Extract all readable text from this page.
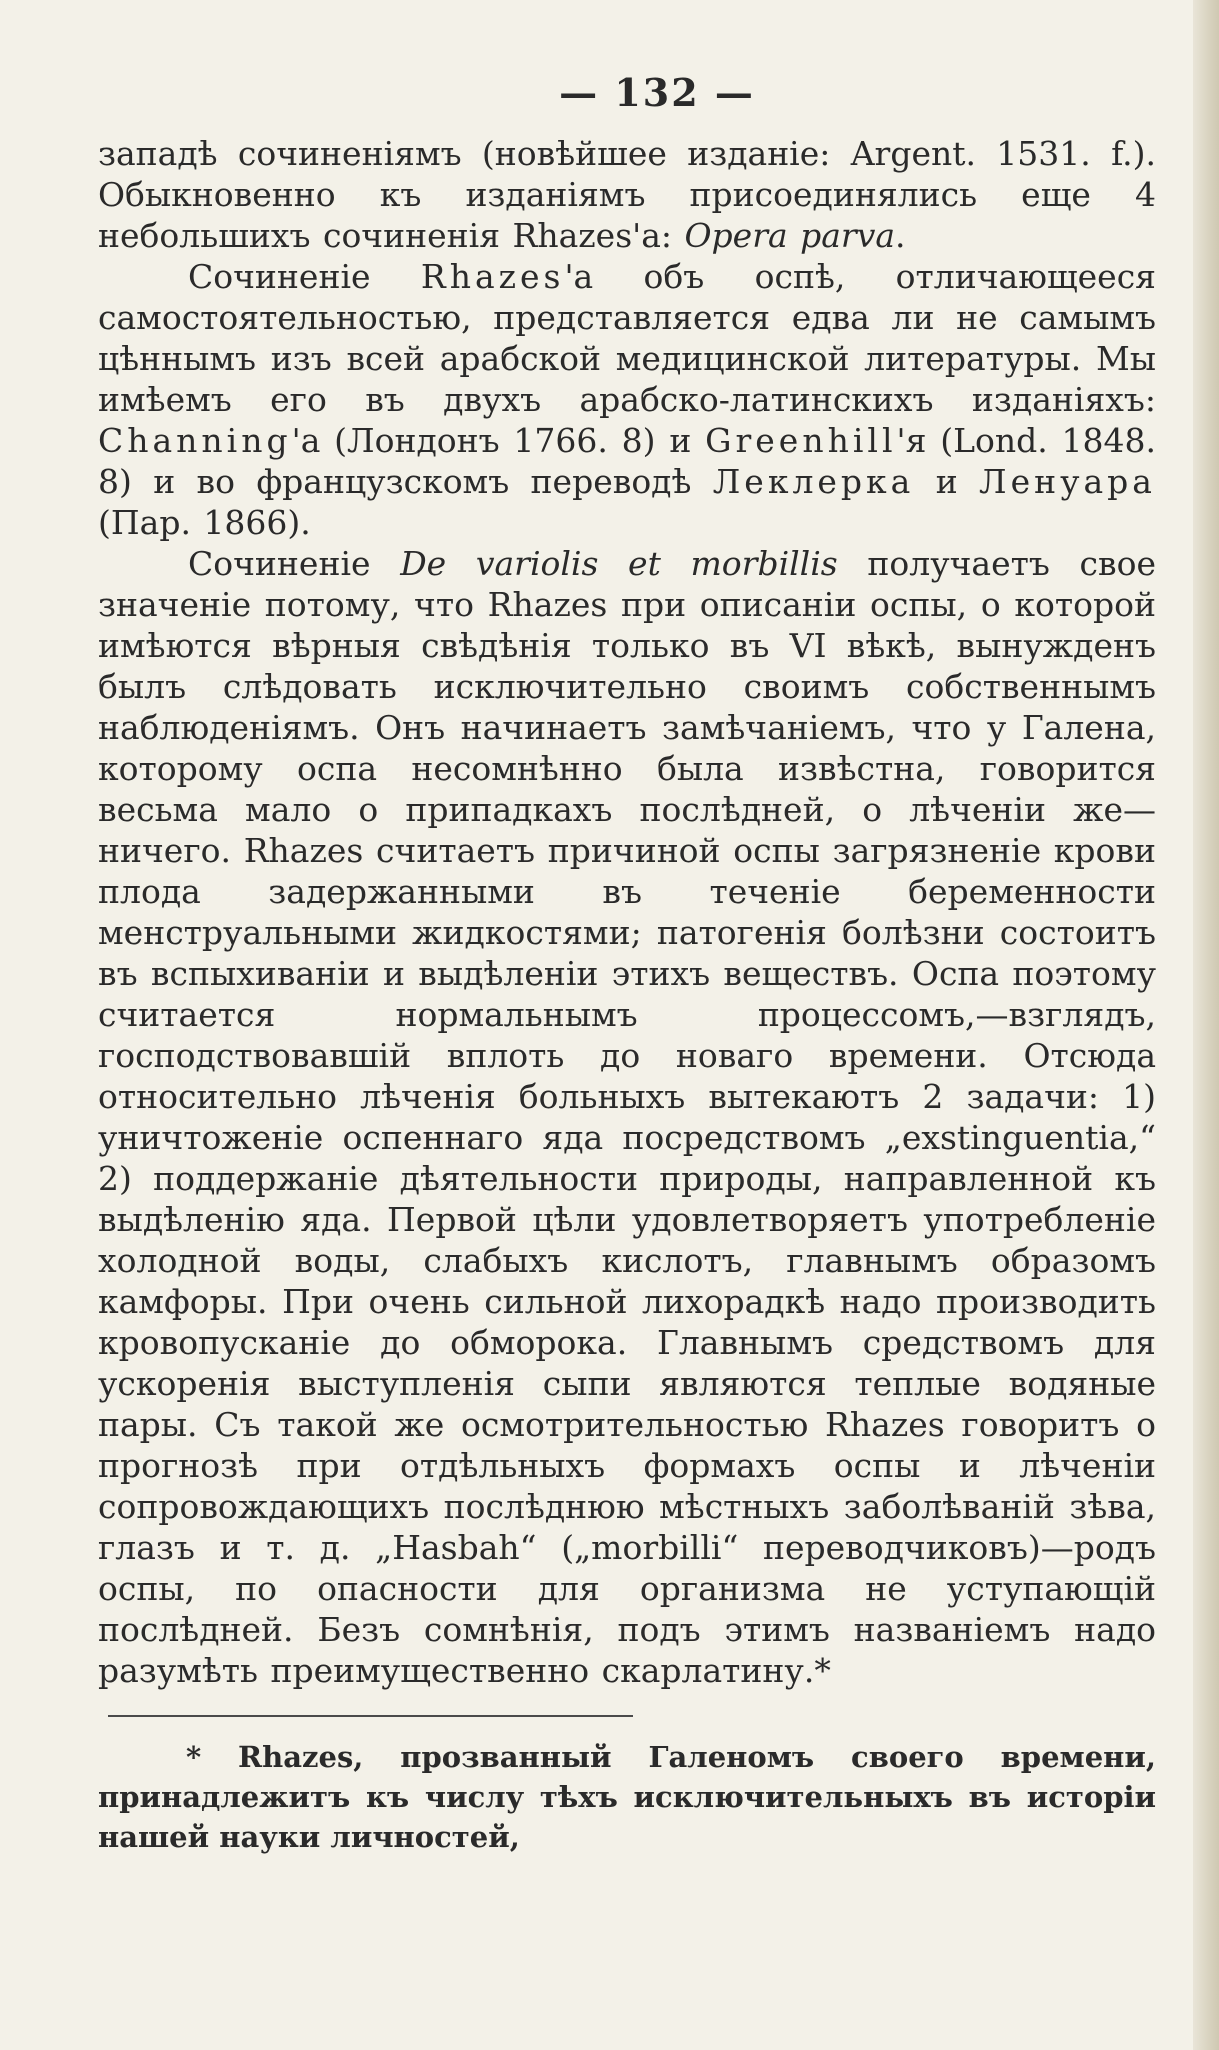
— 132 —

западѣ сочиненіямъ (новѣйшее изданіе: Argent. 1531. f.). Обыкновенно къ изданіямъ присоединялись еще 4 небольшихъ сочиненія Rhazes'а: Opera parva.

Сочиненіе Rhazes'а объ оспѣ, отличающееся самостоятельностью, представляется едва ли не самымъ цѣннымъ изъ всей арабской медицинской литературы. Мы имѣемъ его въ двухъ арабско-латинскихъ изданіяхъ: Channing'а (Лондонъ 1766. 8) и Greenhill'я (Lond. 1848. 8) и во французскомъ переводѣ Леклерка и Ленуара (Пар. 1866).

Сочиненіе De variolis et morbillis получаетъ свое значеніе потому, что Rhazes при описаніи оспы, о которой имѣются вѣрныя свѣдѣнія только въ VI вѣкѣ, вынужденъ былъ слѣдовать исключительно своимъ собственнымъ наблюденіямъ. Онъ начинаетъ замѣчаніемъ, что у Галена, которому оспа несомнѣнно была извѣстна, говорится весьма мало о припадкахъ послѣдней, о лѣченіи же—ничего. Rhazes считаетъ причиной оспы загрязненіе крови плода задержанными въ теченіе беременности менструальными жидкостями; патогенія болѣзни состоитъ въ вспыхиваніи и выдѣленіи этихъ веществъ. Оспа поэтому считается нормальнымъ процессомъ,—взглядъ, господствовавшій вплоть до новаго времени. Отсюда относительно лѣченія больныхъ вытекаютъ 2 задачи: 1) уничтоженіе оспеннаго яда посредствомъ „exstinguentia,“ 2) поддержаніе дѣятельности природы, направленной къ выдѣленію яда. Первой цѣли удовлетворяетъ употребленіе холодной воды, слабыхъ кислотъ, главнымъ образомъ камфоры. При очень сильной лихорадкѣ надо производить кровопусканіе до обморока. Главнымъ средствомъ для ускоренія выступленія сыпи являются теплые водяные пары. Съ такой же осмотрительностью Rhazes говоритъ о прогнозѣ при отдѣльныхъ формахъ оспы и лѣченіи сопровождающихъ послѣднюю мѣстныхъ заболѣваній зѣва, глазъ и т. д. „Hasbah“ („morbilli“ переводчиковъ)—родъ оспы, по опасности для организма не уступающій послѣдней. Безъ сомнѣнія, подъ этимъ названіемъ надо разумѣть преимущественно скарлатину.*

* Rhazes, прозванный Галеномъ своего времени, принадлежитъ къ числу тѣхъ исключительныхъ въ исторіи нашей науки личностей,
